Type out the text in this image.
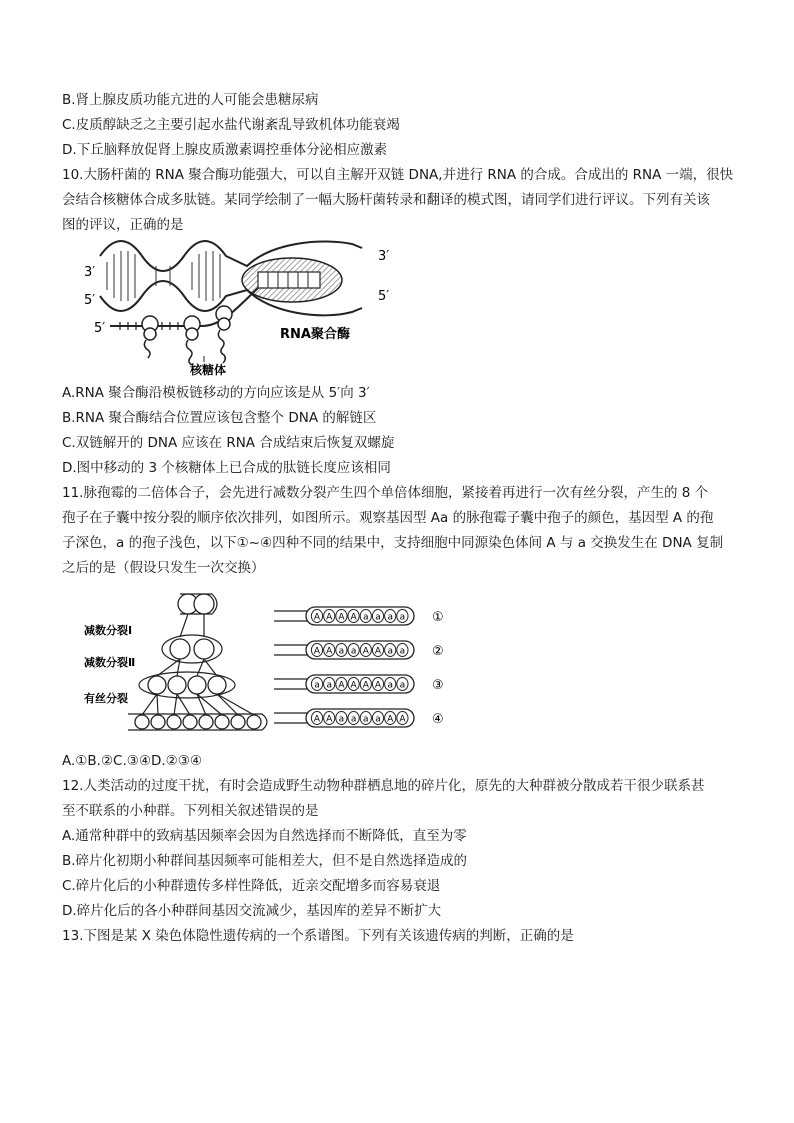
B.肾上腺皮质功能亢进的人可能会患糖尿病
C.皮质醇缺乏之主要引起水盐代谢紊乱导致机体功能衰竭
D.下丘脑释放促肾上腺皮质激素调控垂体分泌相应激素
10.大肠杆菌的 RNA 聚合酶功能强大，可以自主解开双链 DNA,并进行 RNA 的合成。合成出的 RNA 一端，很快
会结合核糖体合成多肽链。某同学绘制了一幅大肠杆菌转录和翻译的模式图，请同学们进行评议。下列有关该
图的评议，正确的是
3′
5′
3′
5′
5′	RNA聚合酶
核糖体
A.RNA 聚合酶沿模板链移动的方向应该是从 5′向 3′
B.RNA 聚合酶结合位置应该包含整个 DNA 的解链区
C.双链解开的 DNA 应该在 RNA 合成结束后恢复双螺旋
D.图中移动的 3 个核糖体上已合成的肽链长度应该相同
11.脉孢霉的二倍体合子，会先进行减数分裂产生四个单倍体细胞，紧接着再进行一次有丝分裂，产生的 8 个
孢子在子囊中按分裂的顺序依次排列，如图所示。观察基因型 Aa 的脉孢霉子囊中孢子的颜色，基因型 A 的孢
子深色，a 的孢子浅色，以下①~④四种不同的结果中，支持细胞中同源染色体间 A 与 a 交换发生在 DNA 复制
之后的是（假设只发生一次交换）
减数分裂Ⅰ
减数分裂Ⅱ
有丝分裂
A A A A a a a a ①
A A a a A A a a ②
a a A A A A a a ③
A A a a a a A A ④
A.①B.②C.③④D.②③④
12.人类活动的过度干扰，有时会造成野生动物种群栖息地的碎片化，原先的大种群被分散成若干很少联系甚
至不联系的小种群。下列相关叙述错误的是
A.通常种群中的致病基因频率会因为自然选择而不断降低，直至为零
B.碎片化初期小种群间基因频率可能相差大，但不是自然选择造成的
C.碎片化后的小种群遗传多样性降低，近亲交配增多而容易衰退
D.碎片化后的各小种群间基因交流减少，基因库的差异不断扩大
13.下图是某 X 染色体隐性遗传病的一个系谱图。下列有关该遗传病的判断，正确的是
